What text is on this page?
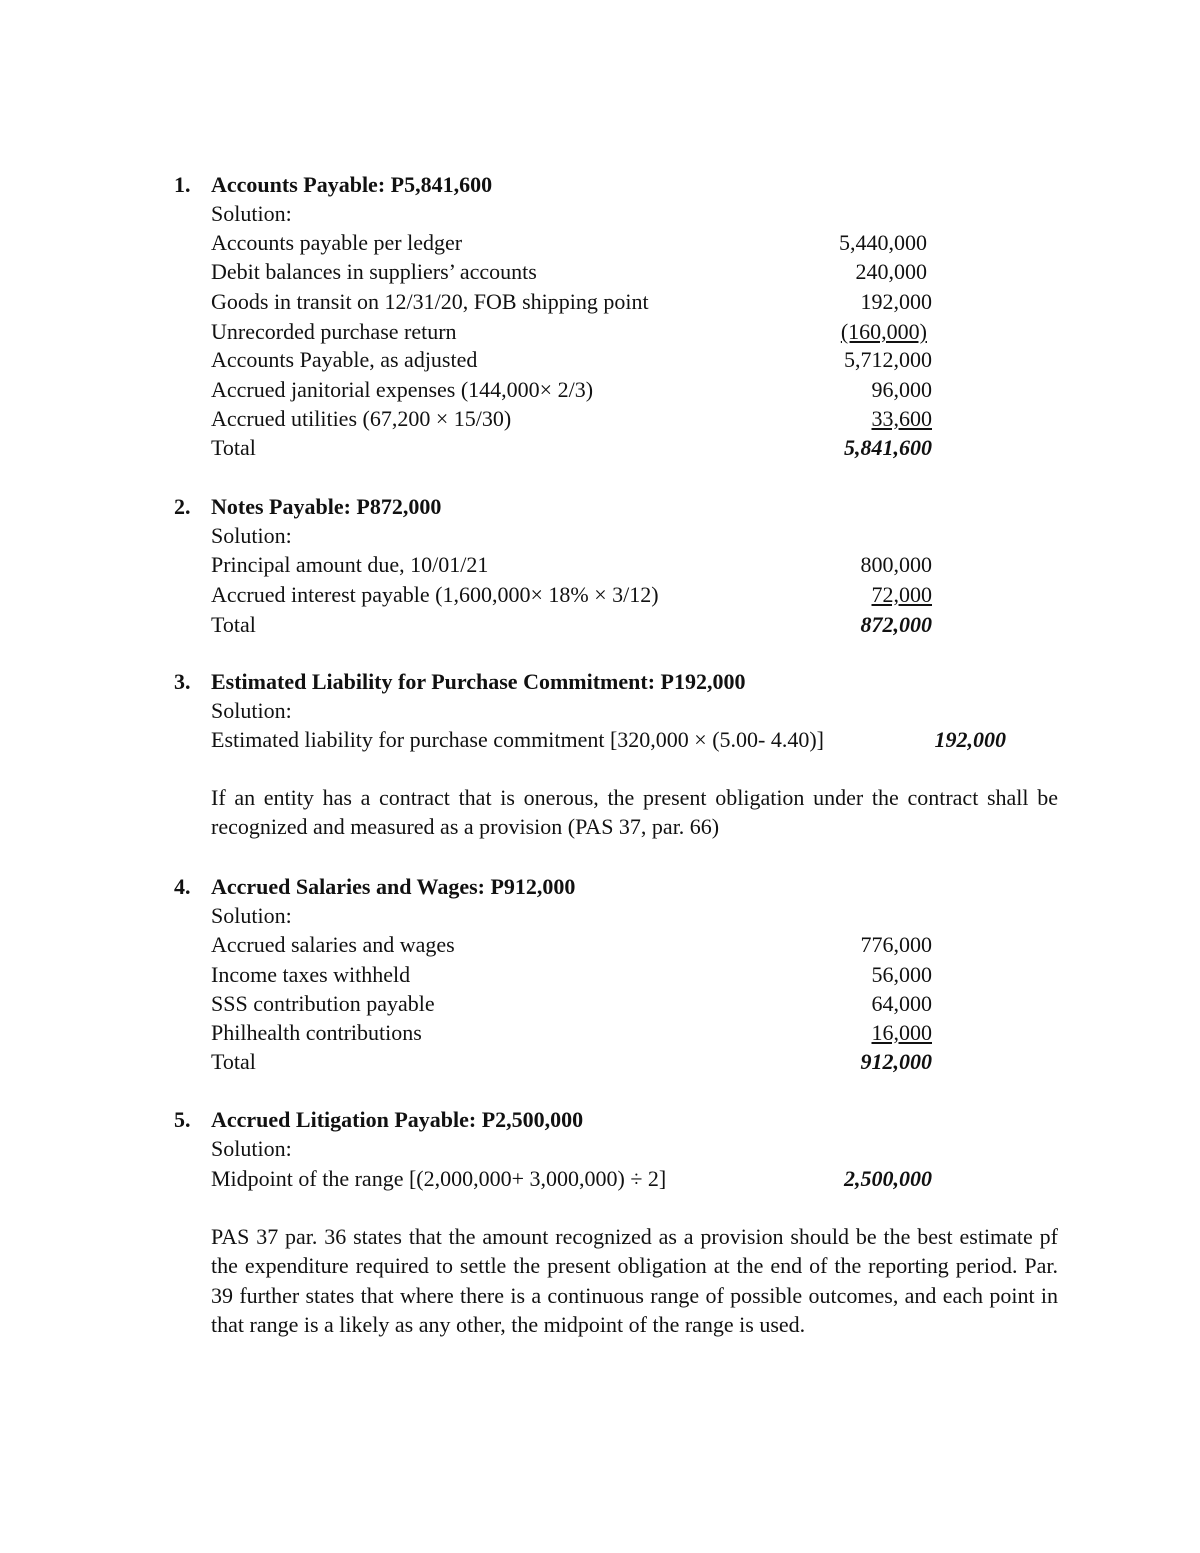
1. Accounts Payable: P5,841,600
Solution:
Accounts payable per ledger	5,440,000
Debit balances in suppliers’ accounts	240,000
Goods in transit on 12/31/20, FOB shipping point	192,000
Unrecorded purchase return	(160,000)
Accounts Payable, as adjusted	5,712,000
Accrued janitorial expenses (144,000× 2/3)	96,000
Accrued utilities (67,200 × 15/30)	33,600
Total	5,841,600
2. Notes Payable: P872,000
Solution:
Principal amount due, 10/01/21	800,000
Accrued interest payable (1,600,000× 18% × 3/12)	72,000
Total	872,000
3. Estimated Liability for Purchase Commitment: P192,000
Solution:
Estimated liability for purchase commitment [320,000 × (5.00- 4.40)]	192,000
If an entity has a contract that is onerous, the present obligation under the contract shall be recognized and measured as a provision (PAS 37, par. 66)
4. Accrued Salaries and Wages: P912,000
Solution:
Accrued salaries and wages	776,000
Income taxes withheld	56,000
SSS contribution payable	64,000
Philhealth contributions	16,000
Total	912,000
5. Accrued Litigation Payable: P2,500,000
Solution:
Midpoint of the range [(2,000,000+ 3,000,000) ÷ 2]	2,500,000
PAS 37 par. 36 states that the amount recognized as a provision should be the best estimate pf the expenditure required to settle the present obligation at the end of the reporting period. Par. 39 further states that where there is a continuous range of possible outcomes, and each point in that range is a likely as any other, the midpoint of the range is used.
